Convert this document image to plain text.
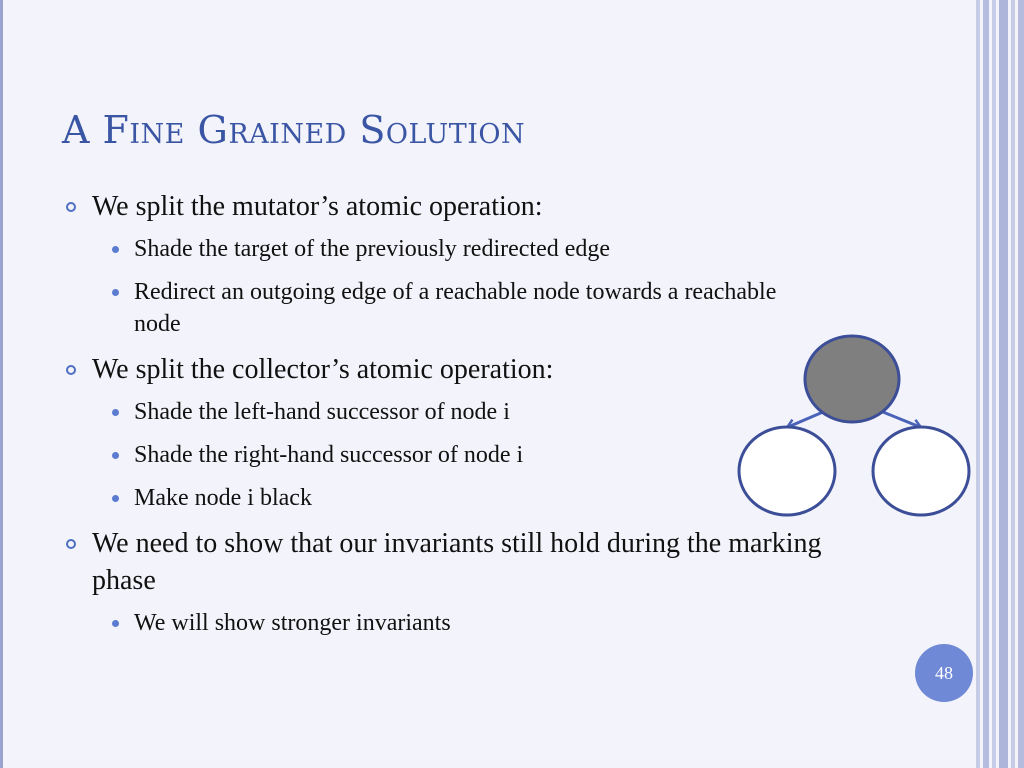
A Fine Grained Solution
We split the mutator’s atomic operation:
Shade the target of the previously redirected edge
Redirect an outgoing edge of a reachable node towards a reachable node
We split the collector’s atomic operation:
Shade the left-hand successor of node i
Shade the right-hand successor of node i
Make node i black
We need to show that our invariants still hold during the marking phase
We will show stronger invariants
48
